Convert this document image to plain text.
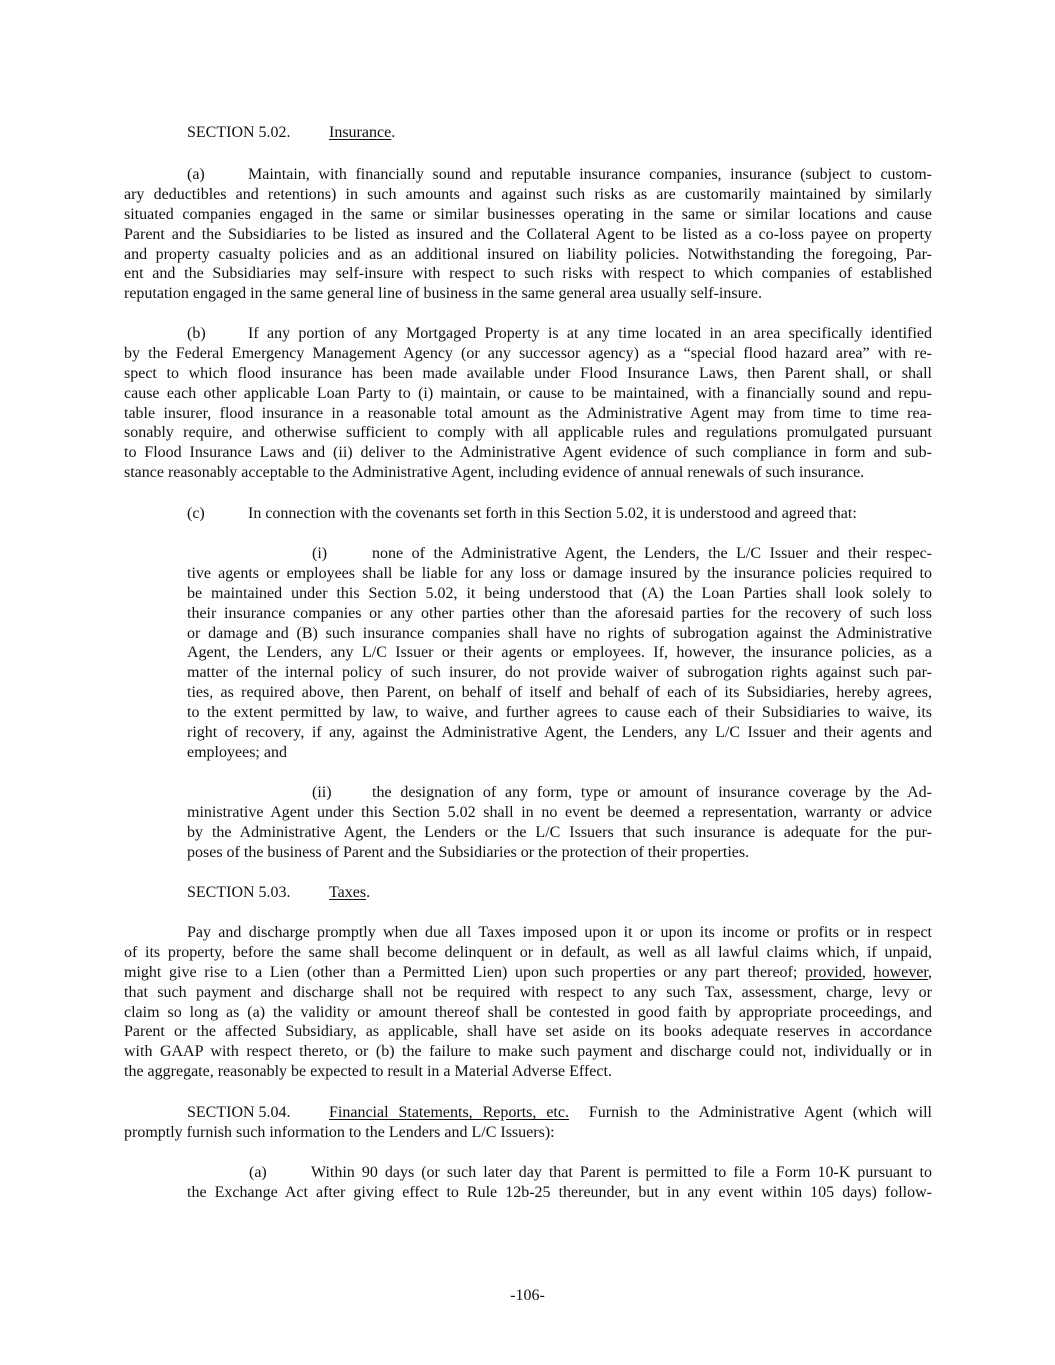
SECTION 5.02. Insurance.
SECTION 5.03. Taxes.
(a)	Maintain, with financially sound and reputable insurance companies, insurance (subject to custom-
ary deductibles and retentions) in such amounts and against such risks as are customarily maintained by similarly
situated companies engaged in the same or similar businesses operating in the same or similar locations and cause
Parent and the Subsidiaries to be listed as insured and the Collateral Agent to be listed as a co-loss payee on property
and property casualty policies and as an additional insured on liability policies. Notwithstanding the foregoing, Par-
ent and the Subsidiaries may self-insure with respect to such risks with respect to which companies of established
reputation engaged in the same general line of business in the same general area usually self-insure.
(b)	If any portion of any Mortgaged Property is at any time located in an area specifically identified
by the Federal Emergency Management Agency (or any successor agency) as a “special flood hazard area” with re-
spect to which flood insurance has been made available under Flood Insurance Laws, then Parent shall, or shall
cause each other applicable Loan Party to (i) maintain, or cause to be maintained, with a financially sound and repu-
table insurer, flood insurance in a reasonable total amount as the Administrative Agent may from time to time rea-
sonably require, and otherwise sufficient to comply with all applicable rules and regulations promulgated pursuant
to Flood Insurance Laws and (ii) deliver to the Administrative Agent evidence of such compliance in form and sub-
stance reasonably acceptable to the Administrative Agent, including evidence of annual renewals of such insurance.
(c)	In connection with the covenants set forth in this Section 5.02, it is understood and agreed that:
(i)	none of the Administrative Agent, the Lenders, the L/C Issuer and their respec-
tive agents or employees shall be liable for any loss or damage insured by the insurance policies required to
be maintained under this Section 5.02, it being understood that (A) the Loan Parties shall look solely to
their insurance companies or any other parties other than the aforesaid parties for the recovery of such loss
or damage and (B) such insurance companies shall have no rights of subrogation against the Administrative
Agent, the Lenders, any L/C Issuer or their agents or employees. If, however, the insurance policies, as a
matter of the internal policy of such insurer, do not provide waiver of subrogation rights against such par-
ties, as required above, then Parent, on behalf of itself and behalf of each of its Subsidiaries, hereby agrees,
to the extent permitted by law, to waive, and further agrees to cause each of their Subsidiaries to waive, its
right of recovery, if any, against the Administrative Agent, the Lenders, any L/C Issuer and their agents and
employees; and
(ii)	the designation of any form, type or amount of insurance coverage by the Ad-
ministrative Agent under this Section 5.02 shall in no event be deemed a representation, warranty or advice
by the Administrative Agent, the Lenders or the L/C Issuers that such insurance is adequate for the pur-
poses of the business of Parent and the Subsidiaries or the protection of their properties.
Pay and discharge promptly when due all Taxes imposed upon it or upon its income or profits or in respect
of its property, before the same shall become delinquent or in default, as well as all lawful claims which, if unpaid,
might give rise to a Lien (other than a Permitted Lien) upon such properties or any part thereof; provided, however,
that such payment and discharge shall not be required with respect to any such Tax, assessment, charge, levy or
claim so long as (a) the validity or amount thereof shall be contested in good faith by appropriate proceedings, and
Parent or the affected Subsidiary, as applicable, shall have set aside on its books adequate reserves in accordance
with GAAP with respect thereto, or (b) the failure to make such payment and discharge could not, individually or in
the aggregate, reasonably be expected to result in a Material Adverse Effect.
SECTION 5.04. Financial Statements, Reports, etc.  Furnish to the Administrative Agent (which will
promptly furnish such information to the Lenders and L/C Issuers):
(a)	Within 90 days (or such later day that Parent is permitted to file a Form 10-K pursuant to
the Exchange Act after giving effect to Rule 12b-25 thereunder, but in any event within 105 days) follow-
-106-
